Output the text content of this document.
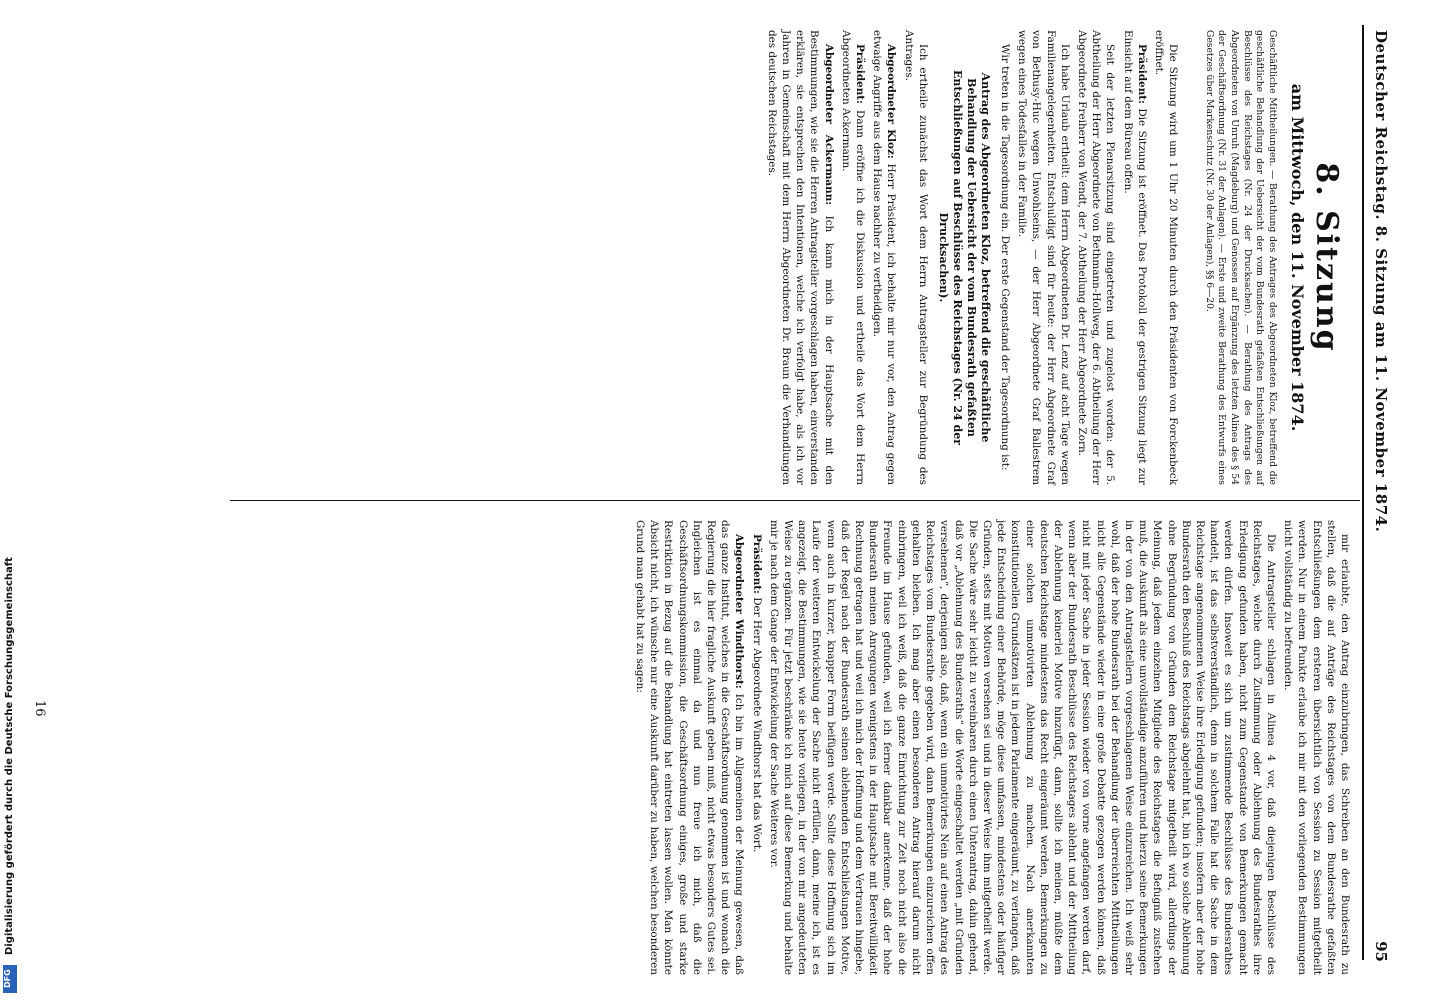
Deutscher Reichstag. 8. Sitzung am 11. November 1874.
95
8. Sitzung
am Mittwoch, den 11. November 1874.

Geschäftliche Mittheilungen. — Berathung des Antrages des Abgeordneten Kloz, betreffend die geschäftliche Behandlung der Uebersicht der vom Bundesrath gefaßten Entschließungen auf Beschlüsse des Reichstages (Nr. 24 der Drucksachen). — Berathung des Antrags des Abgeordneten von Unruh (Magdeburg) und Genossen auf Ergänzung des letzten Alinea des § 54 der Geschäftsordnung (Nr. 31 der Anlagen). — Erste und zweite Berathung des Entwurfs eines Gesetzes über Markenschutz (Nr. 30 der Anlagen), §§ 6—20.

Die Sitzung wird um 1 Uhr 20 Minuten durch den Präsidenten von Forckenbeck eröffnet.

Präsident: Die Sitzung ist eröffnet. Das Protokoll der gestrigen Sitzung liegt zur Einsicht auf dem Büreau offen.

Seit der letzten Plenarsitzung sind eingetreten und zugelost worden: der 5. Abtheilung der Herr Abgeordnete von Bethmann-Hollweg, der 6. Abtheilung der Herr Abgeordnete Freiherr von Wendt, der 7. Abtheilung der Herr Abgeordnete Zorn.

Ich habe Urlaub ertheilt: dem Herrn Abgeordneten Dr. Lenz auf acht Tage wegen Familienangelegenheiten. Entschuldigt sind für heute: der Herr Abgeordnete Graf von Bethusy-Huc wegen Unwohlseins, — der Herr Abgeordnete Graf Ballestrem wegen eines Todesfalles in der Familie.

Wir treten in die Tagesordnung ein. Der erste Gegenstand der Tagesordnung ist:

Antrag des Abgeordneten Kloz, betreffend die geschäftliche Behandlung der Uebersicht der vom Bundesrath gefaßten Entschließungen auf Beschlüsse des Reichstages (Nr. 24 der Drucksachen).

Ich ertheile zunächst das Wort dem Herrn Antragsteller zur Begründung des Antrages.

Abgeordneter Kloz: Herr Präsident, ich behalte mir nur vor, den Antrag gegen etwaige Angriffe aus dem Hause nachher zu vertheidigen.

Präsident: Dann eröffne ich die Diskussion und ertheile das Wort dem Herrn Abgeordneten Ackermann.

Abgeordneter Ackermann: Ich kann mich in der Hauptsache mit den Bestimmungen, wie sie die Herren Antragsteller vorgeschlagen haben, einverstanden erklären, sie entsprechen den Intentionen, welche ich verfolgt habe, als ich vor Jahren in Gemeinschaft mit dem Herrn Abgeordneten Dr. Braun die Verhandlungen des deutschen Reichstages.

mir erlaubte, den Antrag einzubringen, das Schreiben an den Bundesrath zu stellen, daß die auf Anträge des Reichstages von dem Bundesrathe gefaßten Entschließungen dem ersteren übersichtlich von Session zu Session mitgetheilt werden. Nur in einem Punkte erlaube ich mir mit den vorliegenden Bestimmungen nicht vollständig zu befreunden.

Die Antragsteller schlagen in Alinea 4 vor, daß diejenigen Beschlüsse des Reichstages, welche durch Zustimmung oder Ablehnung des Bundesrathes ihre Erledigung gefunden haben, nicht zum Gegenstande von Bemerkungen gemacht werden dürfen. Insoweit es sich um zustimmende Beschlüsse des Bundesrathes handelt, ist das selbstverständlich, denn in solchem Falle hat die Sache in dem Reichstage angenommenen Weise ihre Erledigung gefunden; insofern aber der hohe Bundesrath den Beschluß des Reichstags abgelehnt hat, bin ich wo solche Ablehnung ohne Begründung von Gründen dem Reichstage mitgetheilt wird, allerdings der Meinung, daß jedem einzelnen Mitgliede des Reichstages die Befugniß zustehen muß, die Auskunft als eine unvollständige anzuführen und hierzu seine Bemerkungen in der von den Antragstellern vorgeschlagenen Weise einzureichen. Ich weiß sehr wohl, daß der hohe Bundesrath bei der Behandlung der überreichten Mittheilungen nicht alle Gegenstände wieder in eine große Debatte gezogen werden können, daß nicht mit jeder Sache in jeder Session wieder von vorne angefangen werden darf, wenn aber der Bundesrath Beschlüsse des Reichstages ablehnt und der Mittheilung der Ablehnung keinerlei Motive hinzufügt, dann, sollte ich meinen, müßte dem deutschen Reichstage mindestens das Recht eingeräumt werden, Bemerkungen zu einer solchen unmotivirten Ablehnung zu machen. Nach anerkannten konstitutionellen Grundsätzen ist in jedem Parlamente eingeräumt, zu verlangen, daß jede Entscheidung einer Behörde, möge diese umfassen, mindestens oder häufiger Gründen, stets mit Motiven versehen sei und in dieser Weise ihm mitgetheilt werde. Die Sache wäre sehr leicht zu vereinbaren durch einen Unterantrag, dahin gehend, daß vor „Ablehnung des Bundesraths“ die Worte eingeschaltet werden „mit Gründen versehenen“, derjenigen also, daß, wenn ein unmotivirtes Nein auf einen Antrag des Reichstages vom Bundesrathe gegeben wird, dann Bemerkungen einzureichen offen gehalten bleiben. Ich mag aber einen besonderen Antrag hierauf darum nicht einbringen, weil ich weiß, daß die ganze Einrichtung zur Zeit noch nicht also die Freunde im Hause gefunden, weil ich ferner dankbar anerkenne, daß der hohe Bundesrath meinen Anregungen wenigstens in der Hauptsache mit Bereitwilligkeit Rechnung getragen hat und weil ich mich der Hoffnung und dem Vertrauen hingebe, daß der Regel nach der Bundesrath seinen ablehnenden Entschließungen Motive, wenn auch in kurzer, knapper Form beifügen werde. Sollte diese Hoffnung sich im Laufe der weiteren Entwickelung der Sache nicht erfüllen, dann, meine ich, ist es angezeigt, die Bestimmungen, wie sie heute vorliegen, in der von mir angedeuteten Weise zu ergänzen. Für jetzt beschränke ich mich auf diese Bemerkung und behalte mir je nach dem Gange der Entwickelung der Sache Weiteres vor.

Präsident: Der Herr Abgeordnete Windthorst hat das Wort.

Abgeordneter Windthorst: Ich bin im Allgemeinen der Meinung gewesen, daß das ganze Institut, welches in die Geschäftsordnung genommen ist und wonach die Regierung die hier fragliche Auskunft geben muß, nicht etwas besonders Gutes sei. Ingleichen ist es einmal da und nun freue ich mich, daß die Geschäftsordnungskommission, die Geschäftsordnung einiges, große und starke Restriktion in Bezug auf die Behandlung hat eintreten lassen wollen. Man könnte Absicht nicht, ich wünsche nur eine Auskunft darüber zu haben, welchen besonderen Grund man gehabt hat zu sagen:

16
Digitalisierung gefördert durch die Deutsche Forschungsgemeinschaft
DFG
